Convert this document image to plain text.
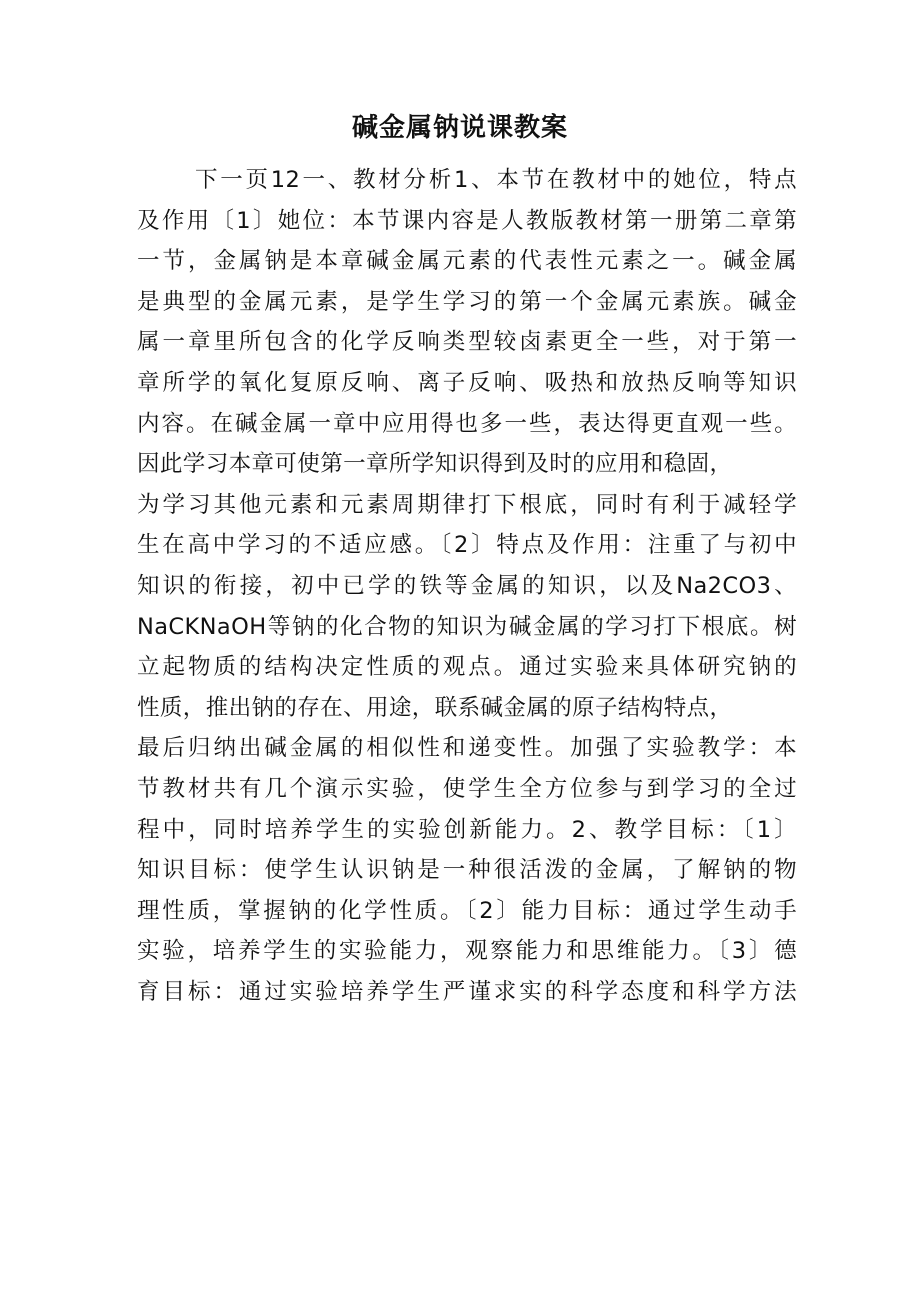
碱金属钠说课教案
下一页12一、教材分析1、本节在教材中的她位，特点
及作用〔1〕她位：本节课内容是人教版教材第一册第二章第
一节，金属钠是本章碱金属元素的代表性元素之一。碱金属
是典型的金属元素，是学生学习的第一个金属元素族。碱金
属一章里所包含的化学反响类型较卤素更全一些，对于第一
章所学的氧化复原反响、离子反响、吸热和放热反响等知识
内容。在碱金属一章中应用得也多一些，表达得更直观一些。
因此学习本章可使第一章所学知识得到及时的应用和稳固，
为学习其他元素和元素周期律打下根底，同时有利于减轻学
生在高中学习的不适应感。〔2〕特点及作用：注重了与初中
知识的衔接，初中已学的铁等金属的知识，以及Na2CO3、
NaCKNaOH等钠的化合物的知识为碱金属的学习打下根底。树
立起物质的结构决定性质的观点。通过实验来具体研究钠的
性质，推出钠的存在、用途，联系碱金属的原子结构特点，
最后归纳出碱金属的相似性和递变性。加强了实验教学：本
节教材共有几个演示实验，使学生全方位参与到学习的全过
程中，同时培养学生的实验创新能力。2、教学目标：〔1〕
知识目标：使学生认识钠是一种很活泼的金属，了解钠的物
理性质，掌握钠的化学性质。〔2〕能力目标：通过学生动手
实验，培养学生的实验能力，观察能力和思维能力。〔3〕德
育目标：通过实验培养学生严谨求实的科学态度和科学方法
